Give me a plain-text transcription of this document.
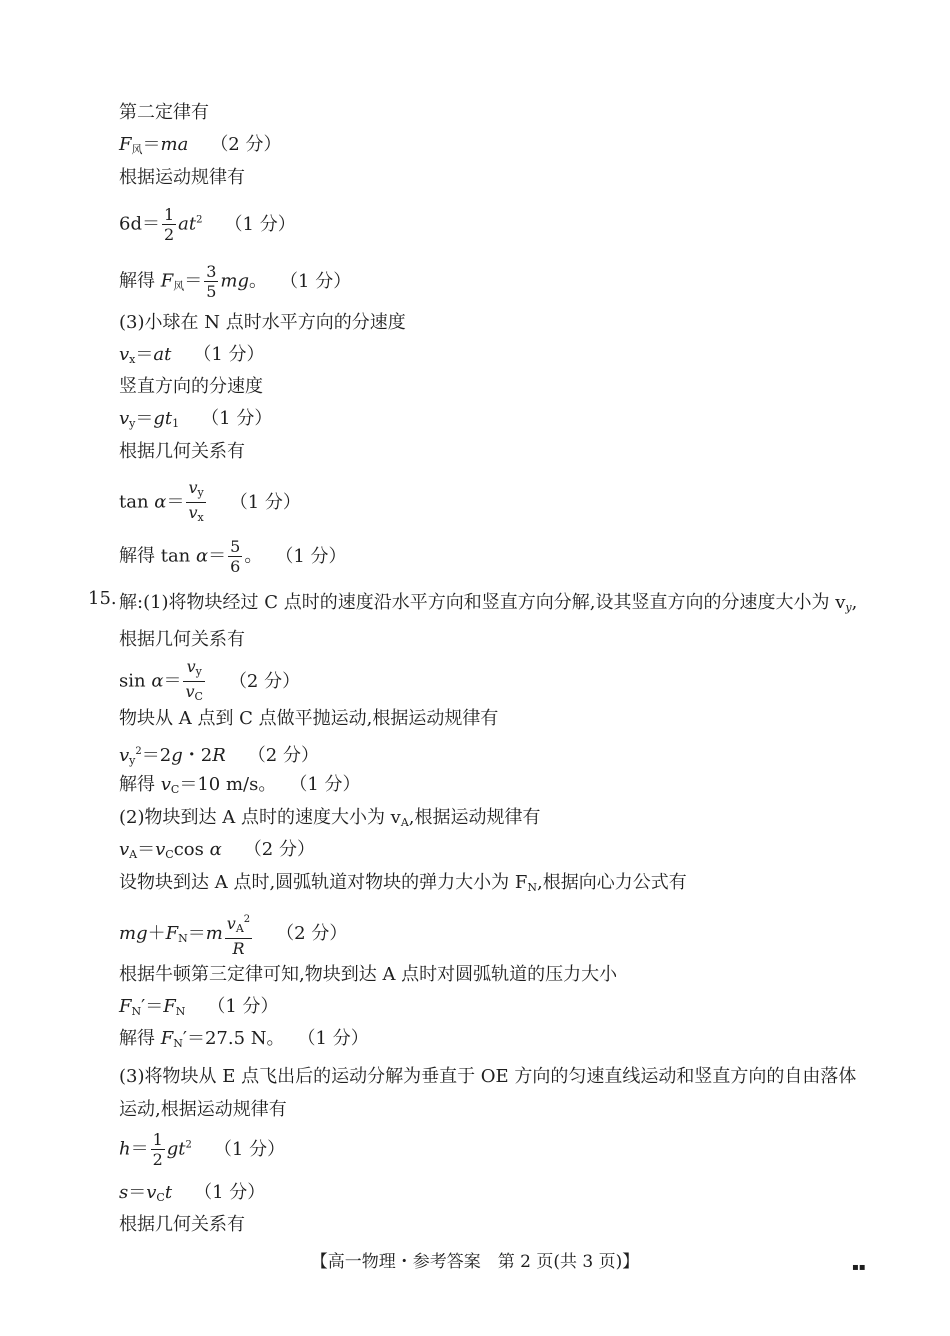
第二定律有
$F_风=ma$ （2 分）
根据运动规律有
$6d= \frac{1}{2} at^2$ （1 分）
解得 $F_风= \frac{3}{5}$ mg。 （1 分）
(3)小球在 N 点时水平方向的分速度
$v_x=at$ （1 分）
竖直方向的分速度
$v_y=gt_1$ （1 分）
根据几何关系有
$\tan \alpha= \frac{v_y}{v_x} (1$ 分）
解得 $\tan \alpha= \frac{5}{6}$ 。 （1 分）
15. 解:(1)将物块经过 C 点时的速度沿水平方向和竖直方向分解,设其竖直方向的分速度大小为 $v_y$,根据几何关系有
$\sin \alpha= \frac{v_y}{v_C} (2$ 分）
物块从 A 点到 C 点做平抛运动,根据运动规律有
$v_y^2=2g$・2R （2 分）
解得 $v_C=10$ m/s。 （1 分）
(2)物块到达 A 点时的速度大小为 $v_A$,根据运动规律有
$v_A=v_C\cos$ α （2 分）
设物块到达 A 点时,圆弧轨道对物块的弹力大小为 $F_N$,根据向心力公式有
$mg+F_N=m \frac{v_A^2}{R} (2$ 分）
根据牛顿第三定律可知,物块到达 A 点时对圆弧轨道的压力大小
$F_N'=F_N$ （1 分）
解得 $F_N'=27.5$ N。 （1 分）
(3)将物块从 E 点飞出后的运动分解为垂直于 OE 方向的匀速直线运动和竖直方向的自由落体运动,根据运动规律有
$h= \frac{1}{2} gt^2$ （1 分）
$s=v_Ct$ （1 分）
根据几何关系有
【高一物理・参考答案　第 2 页(共 3 页)】	▪▪
